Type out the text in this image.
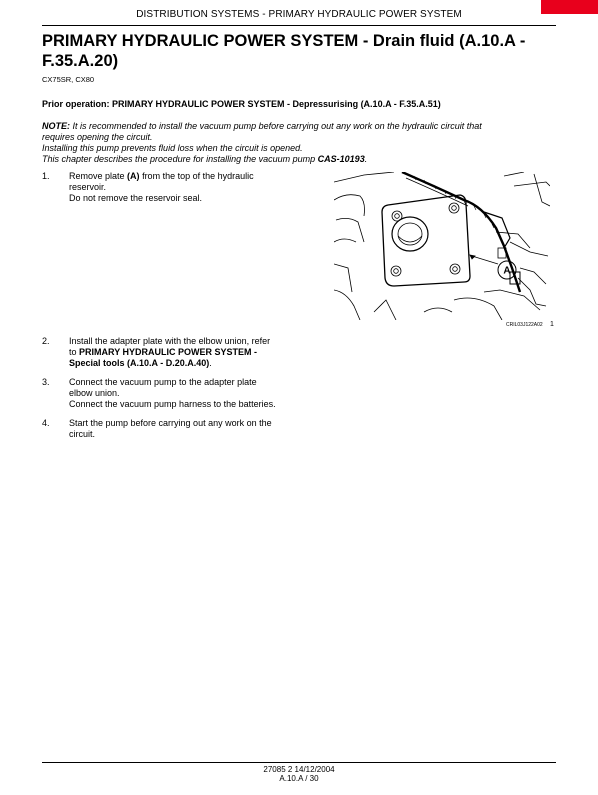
DISTRIBUTION SYSTEMS - PRIMARY HYDRAULIC POWER SYSTEM
PRIMARY HYDRAULIC POWER SYSTEM - Drain fluid (A.10.A -
F.35.A.20)
CX75SR, CX80
Prior operation: PRIMARY HYDRAULIC POWER SYSTEM - Depressurising (A.10.A - F.35.A.51)

NOTE: It is recommended to install the vacuum pump before carrying out any work on the hydraulic circuit that

requires opening the circuit.

Installing this pump prevents fluid loss when the circuit is opened.

This chapter describes the procedure for installing the vacuum pump CAS-10193.

1. Remove plate (A) from the top of the hydraulic

reservoir.

Do not remove the reservoir seal.

A
CRIL03J122A02 1
2. Install the adapter plate with the elbow union, refer

to PRIMARY HYDRAULIC POWER SYSTEM -

Special tools (A.10.A - D.20.A.40).

3. Connect the vacuum pump to the adapter plate

elbow union.

Connect the vacuum pump harness to the batteries.

4. Start the pump before carrying out any work on the

circuit.

27085 2 14/12/2004
A.10.A / 30
